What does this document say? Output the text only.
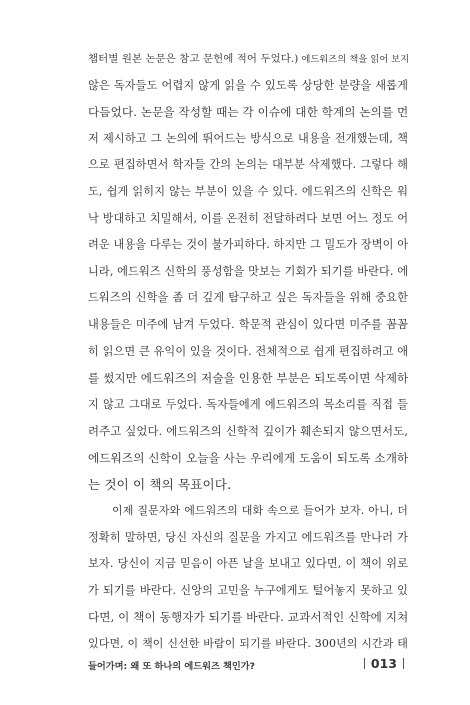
챕터별 원본 논문은 참고 문헌에 적어 두었다.) 에드워즈의 책을 읽어 보지
않은 독자들도 어렵지 않게 읽을 수 있도록 상당한 분량을 새롭게
다듬었다. 논문을 작성할 때는 각 이슈에 대한 학계의 논의를 먼
저 제시하고 그 논의에 뛰어드는 방식으로 내용을 전개했는데, 책
으로 편집하면서 학자들 간의 논의는 대부분 삭제했다. 그렇다 해
도, 쉽게 읽히지 않는 부분이 있을 수 있다. 에드워즈의 신학은 워
낙 방대하고 치밀해서, 이를 온전히 전달하려다 보면 어느 정도 어
려운 내용을 다루는 것이 불가피하다. 하지만 그 밀도가 장벽이 아
니라, 에드워즈 신학의 풍성함을 맛보는 기회가 되기를 바란다. 에
드워즈의 신학을 좀 더 깊게 탐구하고 싶은 독자들을 위해 중요한
내용들은 미주에 남겨 두었다. 학문적 관심이 있다면 미주를 꼼꼼
히 읽으면 큰 유익이 있을 것이다. 전체적으로 쉽게 편집하려고 애
를 썼지만 에드워즈의 저술을 인용한 부분은 되도록이면 삭제하
지 않고 그대로 두었다. 독자들에게 에드워즈의 목소리를 직접 들
려주고 싶었다. 에드워즈의 신학적 깊이가 훼손되지 않으면서도,
에드워즈의 신학이 오늘을 사는 우리에게 도움이 되도록 소개하
는 것이 이 책의 목표이다.
이제 질문자와 에드워즈의 대화 속으로 들어가 보자. 아니, 더
정확히 말하면, 당신 자신의 질문을 가지고 에드워즈를 만나러 가
보자. 당신이 지금 믿음이 아픈 날을 보내고 있다면, 이 책이 위로
가 되기를 바란다. 신앙의 고민을 누구에게도 털어놓지 못하고 있
다면, 이 책이 동행자가 되기를 바란다. 교과서적인 신학에 지쳐
있다면, 이 책이 신선한 바람이 되기를 바란다. 300년의 시간과 태
들어가며: 왜 또 하나의 에드워즈 책인가?	013
